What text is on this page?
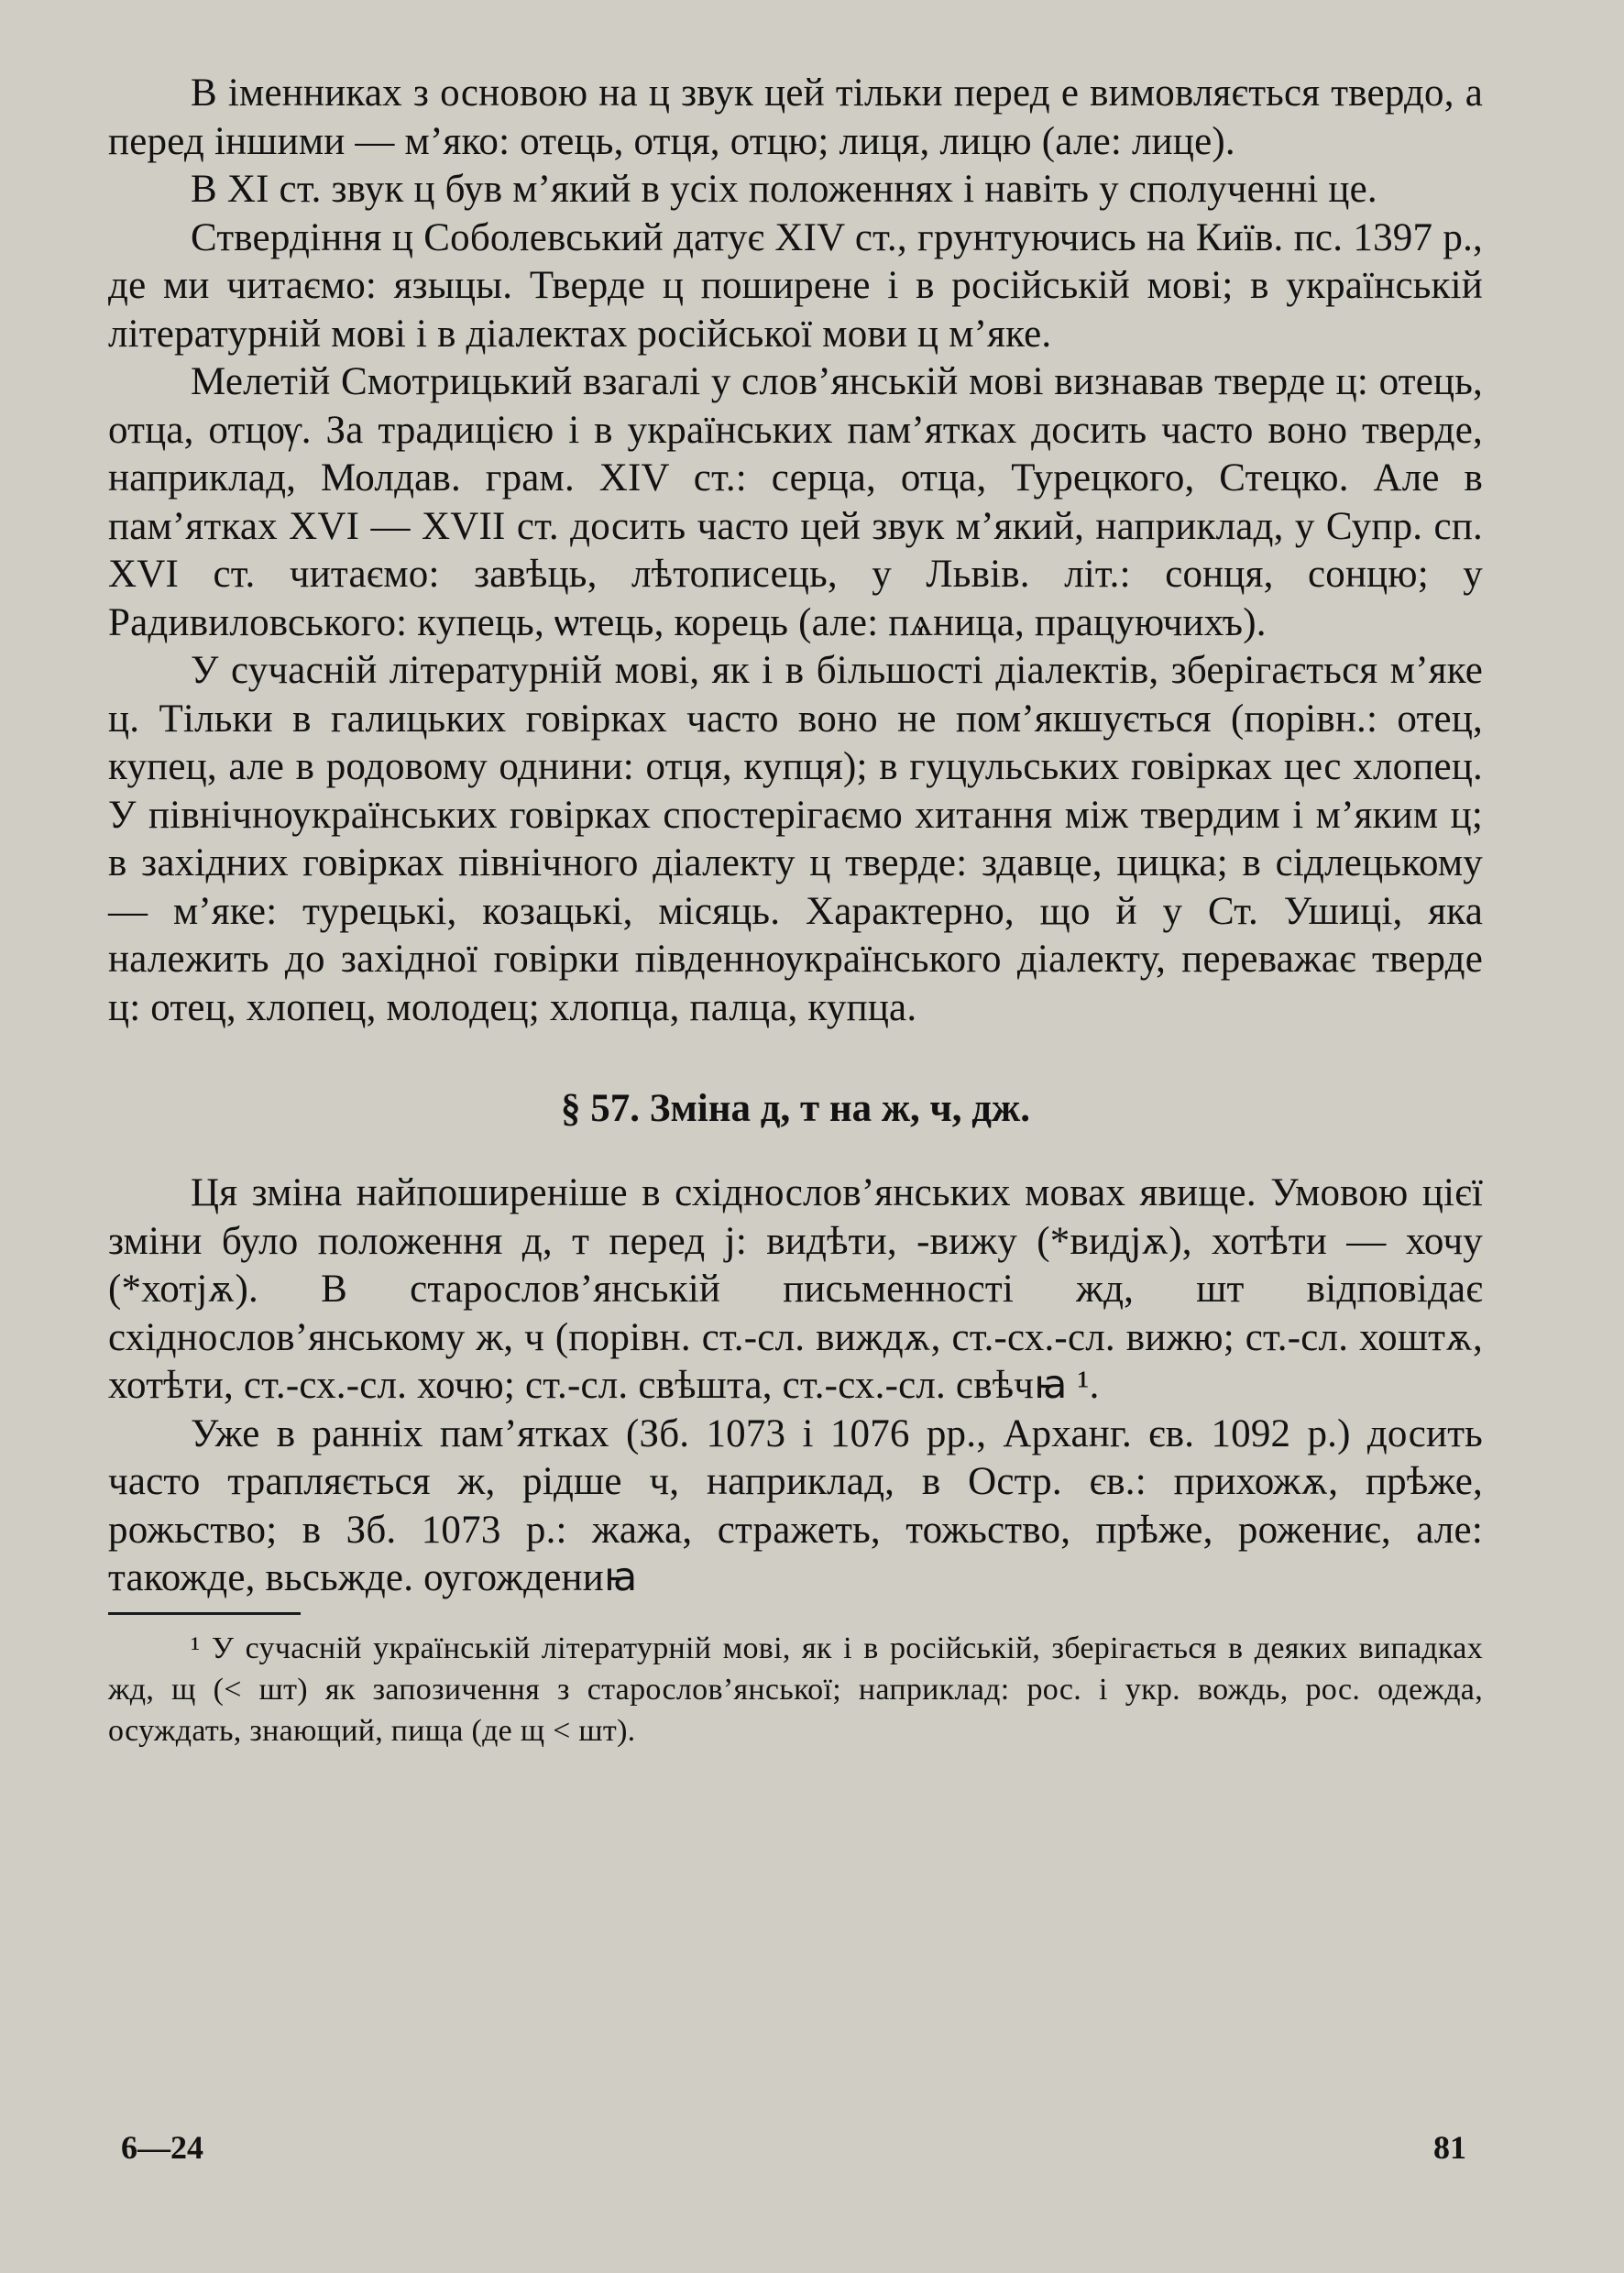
В іменниках з основою на ц звук цей тільки перед е вимовляється твердо, а перед іншими — м’яко: отець, отця, отцю; лиця, лицю (але: лице).

В XI ст. звук ц був м’який в усіх положеннях і навіть у сполученні це.

Ствердіння ц Соболевський датує XIV ст., грунтуючись на Київ. пс. 1397 р., де ми читаємо: языцы. Тверде ц поширене і в російській мові; в українській літературній мові і в діалектах російської мови ц м’яке.

Мелетій Смотрицький взагалі у слов’янській мові визнавав тверде ц: отець, отца, отцѹ. За традицією і в українських пам’ятках досить часто воно тверде, наприклад, Молдав. грам. XIV ст.: серца, отца, Турецкого, Стецко. Але в пам’ятках XVI — XVII ст. досить часто цей звук м’який, наприклад, у Супр. сп. XVI ст. читаємо: завѣць, лѣтописець, у Львів. літ.: сонця, сонцю; у Радивиловського: купець, ѡтець, корець (але: пѧница, працуючихъ).

У сучасній літературній мові, як і в більшості діалектів, зберігається м’яке ц. Тільки в галицьких говірках часто воно не пом’якшується (порівн.: отец, купец, але в родовому однини: отця, купця); в гуцульських говірках цес хлопец. У північноукраїнських говірках спостерігаємо хитання між твердим і м’яким ц; в західних говірках північного діалекту ц тверде: здавце, цицка; в сідлецькому — м’яке: турецькі, козацькі, місяць. Характерно, що й у Ст. Ушиці, яка належить до західної говірки південноукраїнського діалекту, переважає тверде ц: отец, хлопец, молодец; хлопца, палца, купца.

§ 57. Зміна д, т на ж, ч, дж.

Ця зміна найпоширеніше в східнослов’янських мовах явище. Умовою цієї зміни було положення д, т перед j: видѣти, -вижу (*видјѫ), хотѣти — хочу (*хотјѫ). В старослов’янській письменності жд, шт відповідає східнослов’янському ж, ч (порівн. ст.-сл. виждѫ, ст.-сх.-сл. вижю; ст.-сл. хоштѫ, хотѣти, ст.-сх.-сл. хочю; ст.-сл. свѣшта, ст.-сх.-сл. свѣчꙗ ¹.

Уже в ранніх пам’ятках (Зб. 1073 і 1076 рр., Арханг. єв. 1092 р.) досить часто трапляється ж, рідше ч, наприклад, в Остр. єв.: прихожѫ, прѣже, рожьство; в Зб. 1073 р.: жажа, стражеть, тожьство, прѣже, рожениє, але: такожде, вьсьжде. оугождениꙗ

¹ У сучасній українській літературній мові, як і в російській, зберігається в деяких випадках жд, щ (< шт) як запозичення з старослов’янської; наприклад: рос. і укр. вождь, рос. одежда, осуждать, знающий, пища (де щ < шт).

6—24	81
